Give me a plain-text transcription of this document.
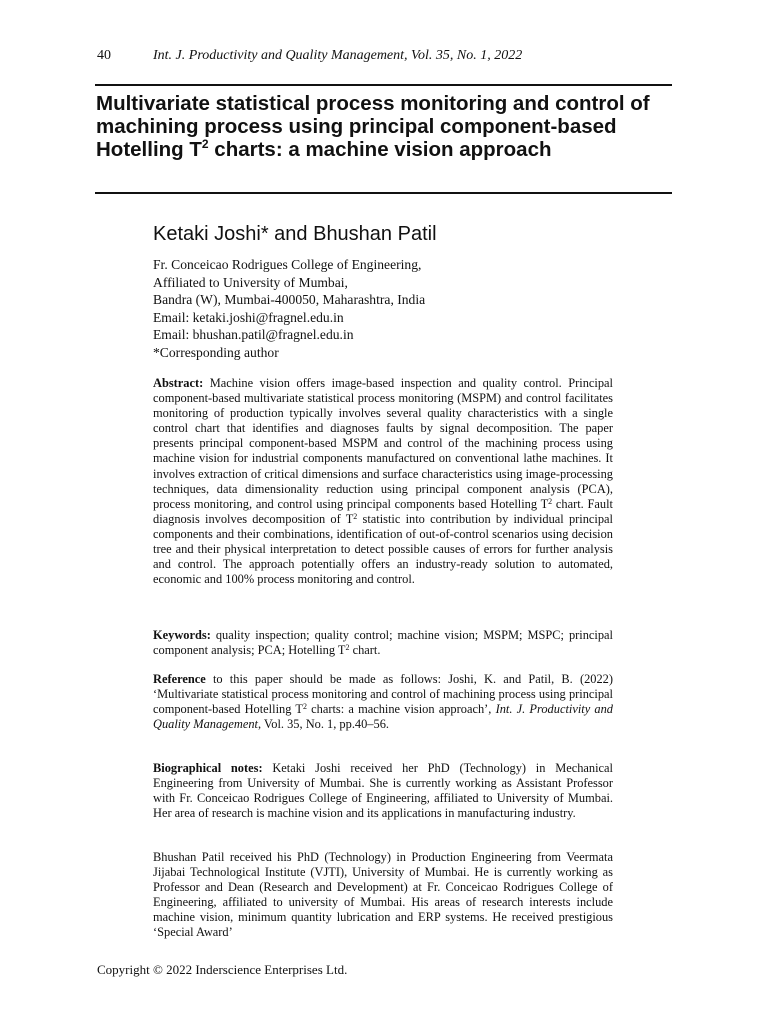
40	Int. J. Productivity and Quality Management, Vol. 35, No. 1, 2022
Multivariate statistical process monitoring and control of machining process using principal component-based Hotelling $T^2$ charts: a machine vision approach
Ketaki Joshi* and Bhushan Patil
Fr. Conceicao Rodrigues College of Engineering,
Affiliated to University of Mumbai,
Bandra (W), Mumbai-400050, Maharashtra, India
Email: ketaki.joshi@fragnel.edu.in
Email: bhushan.patil@fragnel.edu.in
*Corresponding author
Abstract: Machine vision offers image-based inspection and quality control. Principal component-based multivariate statistical process monitoring (MSPM) and control facilitates monitoring of production typically involves several quality characteristics with a single control chart that identifies and diagnoses faults by signal decomposition. The paper presents principal component-based MSPM and control of the machining process using machine vision for industrial components manufactured on conventional lathe machines. It involves extraction of critical dimensions and surface characteristics using image-processing techniques, data dimensionality reduction using principal component analysis (PCA), process monitoring, and control using principal components based Hotelling $T^2$ chart. Fault diagnosis involves decomposition of $T^2$ statistic into contribution by individual principal components and their combinations, identification of out-of-control scenarios using decision tree and their physical interpretation to detect possible causes of errors for further analysis and control. The approach potentially offers an industry-ready solution to automated, economic and 100% process monitoring and control.
Keywords: quality inspection; quality control; machine vision; MSPM; MSPC; principal component analysis; PCA; Hotelling $T^2$ chart.
Reference to this paper should be made as follows: Joshi, K. and Patil, B. (2022) ‘Multivariate statistical process monitoring and control of machining process using principal component-based Hotelling $T^2$ charts: a machine vision approach’, Int. J. Productivity and Quality Management, Vol. 35, No. 1, pp.40–56.
Biographical notes: Ketaki Joshi received her PhD (Technology) in Mechanical Engineering from University of Mumbai. She is currently working as Assistant Professor with Fr. Conceicao Rodrigues College of Engineering, affiliated to University of Mumbai. Her area of research is machine vision and its applications in manufacturing industry.
Bhushan Patil received his PhD (Technology) in Production Engineering from Veermata Jijabai Technological Institute (VJTI), University of Mumbai. He is currently working as Professor and Dean (Research and Development) at Fr. Conceicao Rodrigues College of Engineering, affiliated to university of Mumbai. His areas of research interests include machine vision, minimum quantity lubrication and ERP systems. He received prestigious ‘Special Award’
Copyright © 2022 Inderscience Enterprises Ltd.
